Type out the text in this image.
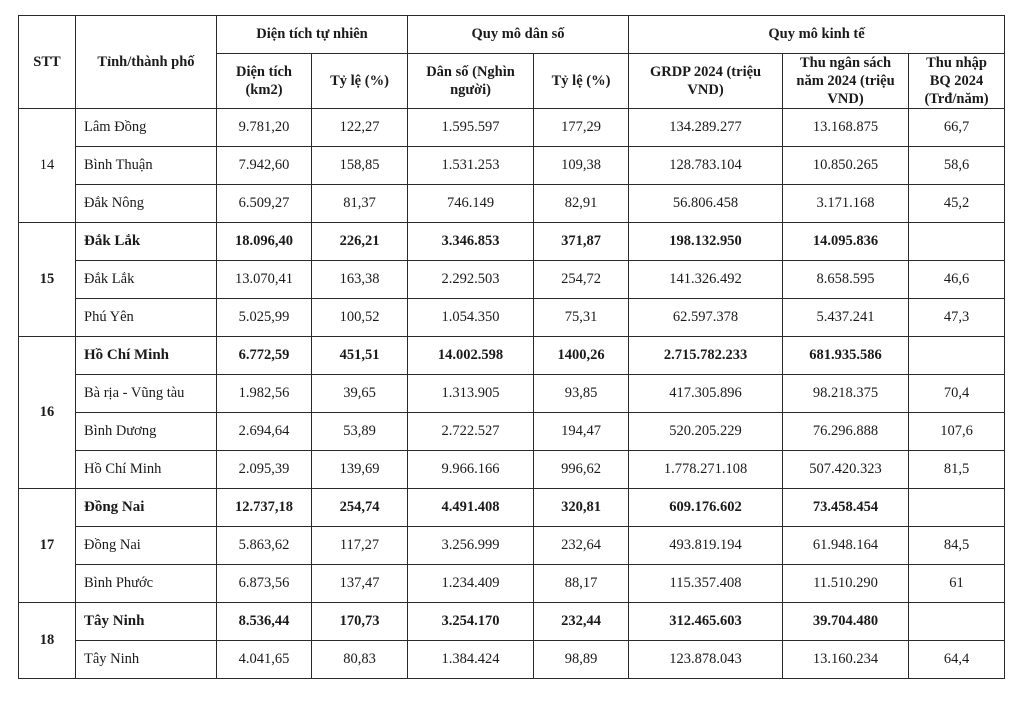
STT	Tỉnh/thành phố	Diện tích tự nhiên		Quy mô dân số		Quy mô kinh tế		
		Diện tích (km2)	Tỷ lệ (%)	Dân số (Nghìn người)	Tỷ lệ (%)	GRDP 2024 (triệu VND)	Thu ngân sách năm 2024 (triệu VND)	Thu nhập BQ 2024 (Trđ/năm)
14	Lâm Đồng	9.781,20	122,27	1.595.597	177,29	134.289.277	13.168.875	66,7
	Bình Thuận	7.942,60	158,85	1.531.253	109,38	128.783.104	10.850.265	58,6
	Đắk Nông	6.509,27	81,37	746.149	82,91	56.806.458	3.171.168	45,2
15	Đắk Lắk	18.096,40	226,21	3.346.853	371,87	198.132.950	14.095.836	
	Đắk Lắk	13.070,41	163,38	2.292.503	254,72	141.326.492	8.658.595	46,6
	Phú Yên	5.025,99	100,52	1.054.350	75,31	62.597.378	5.437.241	47,3
16	Hồ Chí Minh	6.772,59	451,51	14.002.598	1400,26	2.715.782.233	681.935.586	
	Bà rịa - Vũng tàu	1.982,56	39,65	1.313.905	93,85	417.305.896	98.218.375	70,4
	Bình Dương	2.694,64	53,89	2.722.527	194,47	520.205.229	76.296.888	107,6
	Hồ Chí Minh	2.095,39	139,69	9.966.166	996,62	1.778.271.108	507.420.323	81,5
17	Đồng Nai	12.737,18	254,74	4.491.408	320,81	609.176.602	73.458.454	
	Đồng Nai	5.863,62	117,27	3.256.999	232,64	493.819.194	61.948.164	84,5
	Bình Phước	6.873,56	137,47	1.234.409	88,17	115.357.408	11.510.290	61
18	Tây Ninh	8.536,44	170,73	3.254.170	232,44	312.465.603	39.704.480	
	Tây Ninh	4.041,65	80,83	1.384.424	98,89	123.878.043	13.160.234	64,4
